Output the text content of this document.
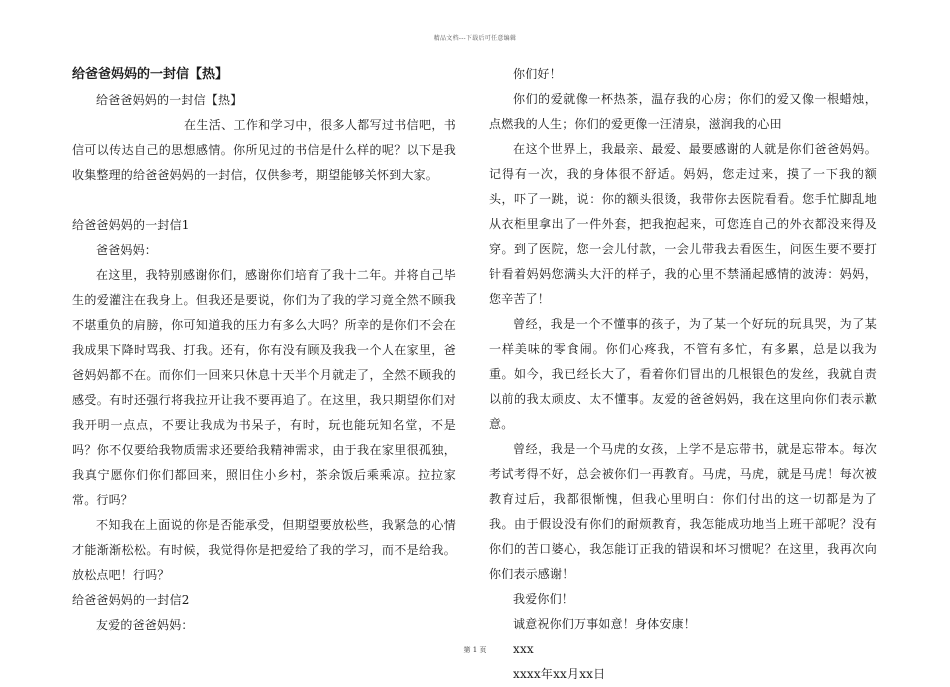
精品文档---下载后可任意编辑
给爸爸妈妈的一封信【热】

给爸爸妈妈的一封信【热】

在生活、工作和学习中，很多人都写过书信吧，书信可以传达自己的思想感情。你所见过的书信是什么样的呢？以下是我收集整理的给爸爸妈妈的一封信，仅供参考，期望能够关怀到大家。

给爸爸妈妈的一封信1

爸爸妈妈：

在这里，我特别感谢你们，感谢你们培育了我十二年。并将自己毕生的爱灌注在我身上。但我还是要说，你们为了我的学习竟全然不顾我不堪重负的肩膀，你可知道我的压力有多么大吗？所幸的是你们不会在我成果下降时骂我、打我。还有，你有没有顾及我我一个人在家里，爸爸妈妈都不在。而你们一回来只休息十天半个月就走了，全然不顾我的感受。有时还强行将我拉开让我不要再追了。在这里，我只期望你们对我开明一点点，不要让我成为书呆子，有时，玩也能玩知名堂，不是吗？你不仅要给我物质需求还要给我精神需求，由于我在家里很孤独，我真宁愿你们你们都回来，照旧住小乡村，茶余饭后乘乘凉。拉拉家常。行吗？

不知我在上面说的你是否能承受，但期望要放松些，我紧急的心情才能渐渐松松。有时候，我觉得你是把爱给了我的学习，而不是给我。放松点吧！行吗？

给爸爸妈妈的一封信2

友爱的爸爸妈妈：

你们好！

你们的爱就像一杯热茶，温存我的心房；你们的爱又像一根蜡烛，点燃我的人生；你们的爱更像一汪清泉，滋润我的心田

在这个世界上，我最亲、最爱、最要感谢的人就是你们爸爸妈妈。记得有一次，我的身体很不舒适。妈妈，您走过来，摸了一下我的额头，吓了一跳，说：你的额头很烫，我带你去医院看看。您手忙脚乱地从衣柜里拿出了一件外套，把我抱起来，可您连自己的外衣都没来得及穿。到了医院，您一会儿付款，一会儿带我去看医生，问医生要不要打针看着妈妈您满头大汗的样子，我的心里不禁涌起感情的波涛：妈妈，您辛苦了！

曾经，我是一个不懂事的孩子，为了某一个好玩的玩具哭，为了某一样美味的零食闹。你们心疼我，不管有多忙，有多累，总是以我为重。如今，我已经长大了，看着你们冒出的几根银色的发丝，我就自责以前的我太顽皮、太不懂事。友爱的爸爸妈妈，我在这里向你们表示歉意。

曾经，我是一个马虎的女孩，上学不是忘带书，就是忘带本。每次考试考得不好，总会被你们一再教育。马虎，马虎，就是马虎！每次被教育过后，我都很惭愧，但我心里明白：你们付出的这一切都是为了我。由于假设没有你们的耐烦教育，我怎能成功地当上班干部呢？没有你们的苦口婆心，我怎能订正我的错误和坏习惯呢？在这里，我再次向你们表示感谢！

我爱你们！

诚意祝你们万事如意！身体安康！

xxx

xxxx年xx月xx日

第 1 页
